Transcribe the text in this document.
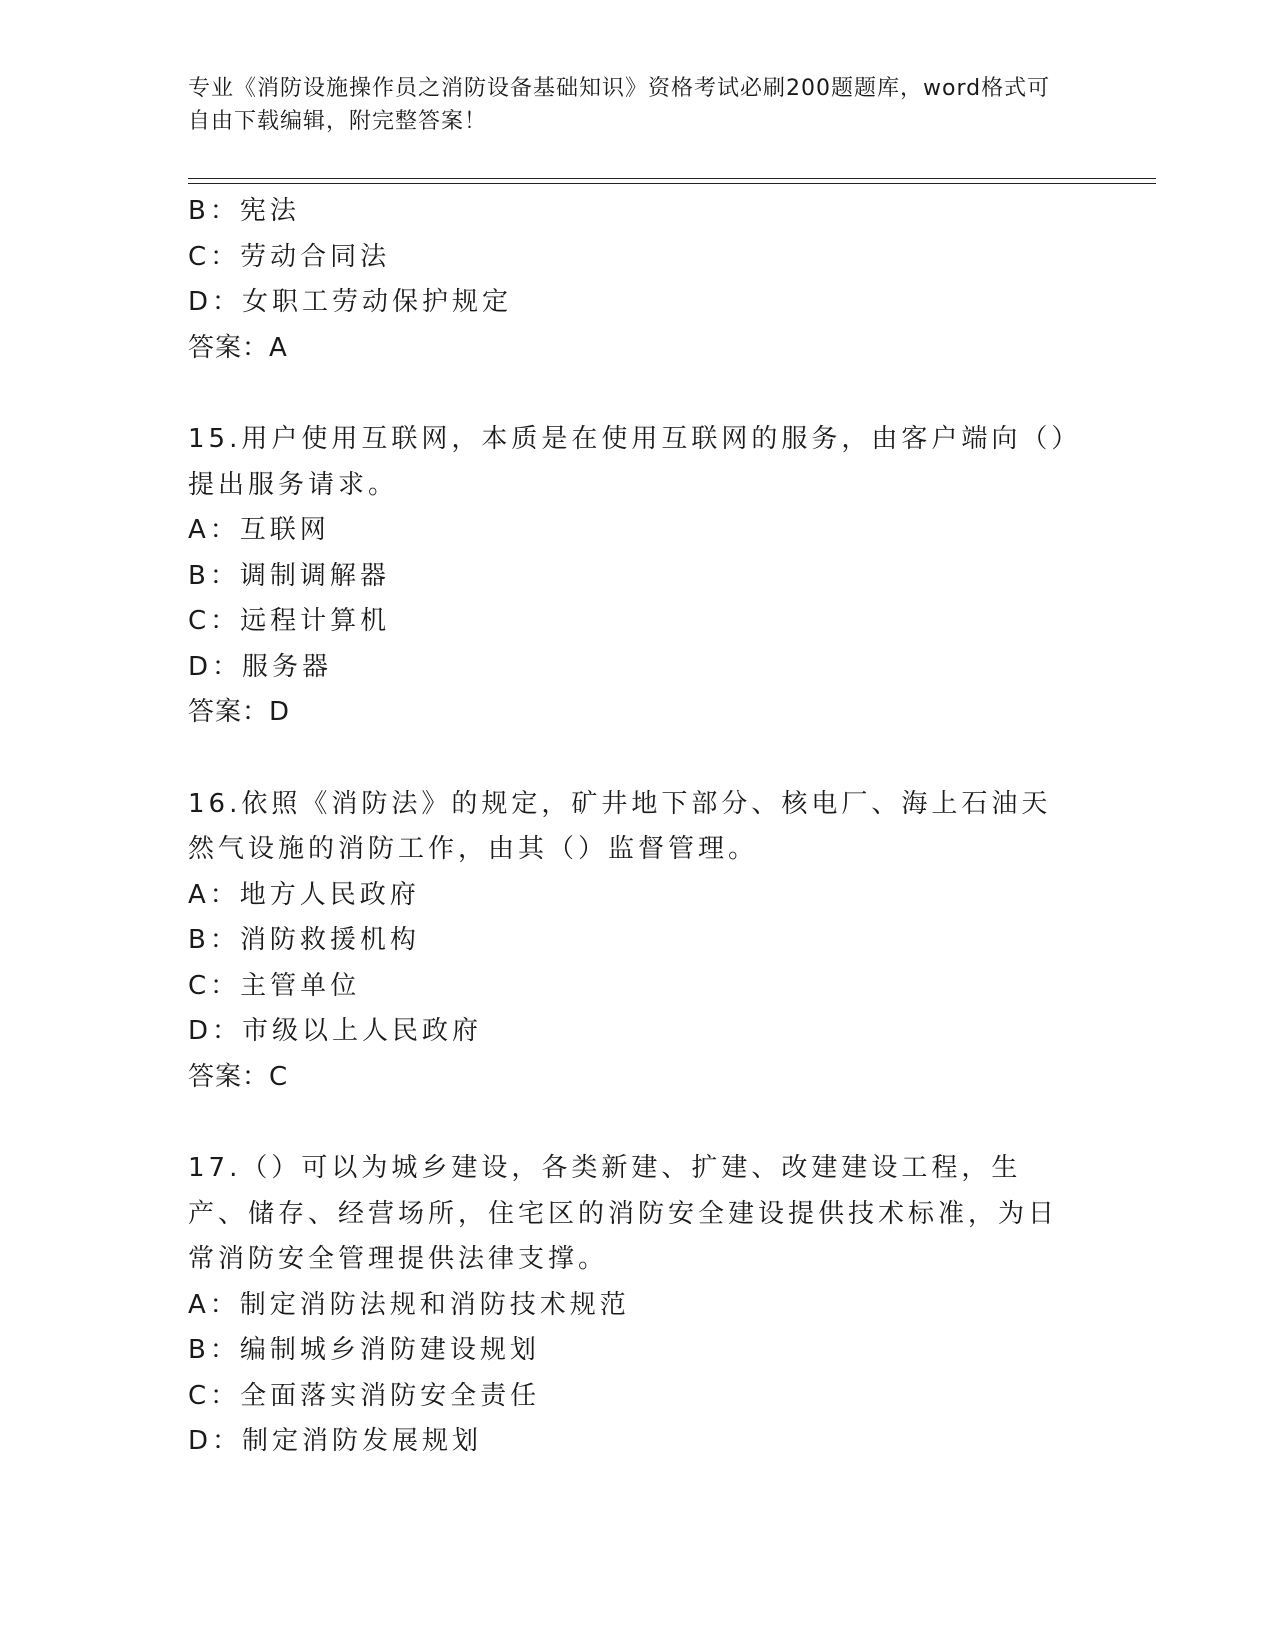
专业《消防设施操作员之消防设备基础知识》资格考试必刷200题题库，word格式可自由下载编辑，附完整答案！
B：宪法
C：劳动合同法
D：女职工劳动保护规定
答案：A
15.用户使用互联网，本质是在使用互联网的服务，由客户端向（）提出服务请求。
A：互联网
B：调制调解器
C：远程计算机
D：服务器
答案：D
16.依照《消防法》的规定，矿井地下部分、核电厂、海上石油天然气设施的消防工作，由其（）监督管理。
A：地方人民政府
B：消防救援机构
C：主管单位
D：市级以上人民政府
答案：C
17.（）可以为城乡建设，各类新建、扩建、改建建设工程，生产、储存、经营场所，住宅区的消防安全建设提供技术标准，为日常消防安全管理提供法律支撑。
A：制定消防法规和消防技术规范
B：编制城乡消防建设规划
C：全面落实消防安全责任
D：制定消防发展规划
